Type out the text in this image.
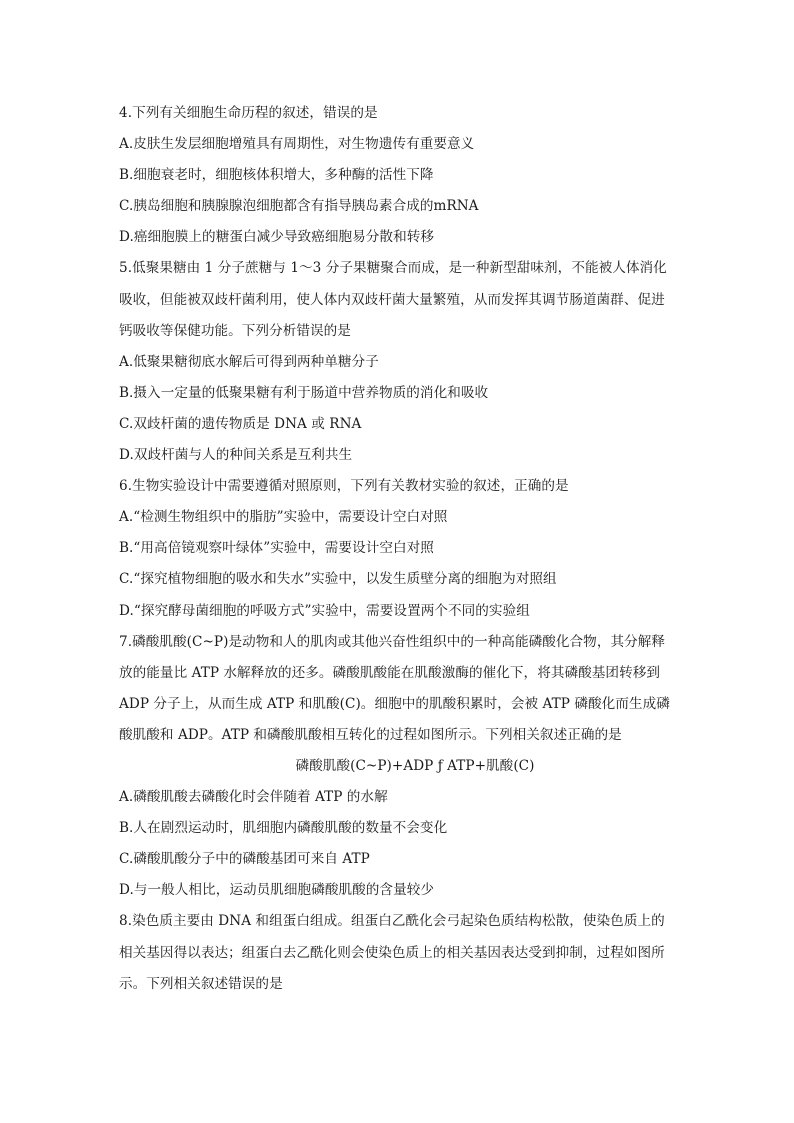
4.下列有关细胞生命历程的叙述，错误的是

A.皮肤生发层细胞增殖具有周期性，对生物遗传有重要意义

B.细胞衰老时，细胞核体积增大，多种酶的活性下降

C.胰岛细胞和胰腺腺泡细胞都含有指导胰岛素合成的mRNA

D.癌细胞膜上的糖蛋白减少导致癌细胞易分散和转移

5.低聚果糖由 1 分子蔗糖与 1～3 分子果糖聚合而成，是一种新型甜味剂，不能被人体消化

吸收，但能被双歧杆菌利用，使人体内双歧杆菌大量繁殖，从而发挥其调节肠道菌群、促进

钙吸收等保健功能。下列分析错误的是

A.低聚果糖彻底水解后可得到两种单糖分子

B.摄入一定量的低聚果糖有利于肠道中营养物质的消化和吸收

C.双歧杆菌的遗传物质是 DNA 或 RNA

D.双歧杆菌与人的种间关系是互利共生

6.生物实验设计中需要遵循对照原则，下列有关教材实验的叙述，正确的是

A.“检测生物组织中的脂肪”实验中，需要设计空白对照

B.“用高倍镜观察叶绿体”实验中，需要设计空白对照

C.“探究植物细胞的吸水和失水”实验中，以发生质壁分离的细胞为对照组

D.“探究酵母菌细胞的呼吸方式”实验中，需要设置两个不同的实验组

7.磷酸肌酸(C~P)是动物和人的肌肉或其他兴奋性组织中的一种高能磷酸化合物，其分解释

放的能量比 ATP 水解释放的还多。磷酸肌酸能在肌酸激酶的催化下，将其磷酸基团转移到

ADP 分子上，从而生成 ATP 和肌酸(C)。细胞中的肌酸积累时，会被 ATP 磷酸化而生成磷

酸肌酸和 ADP。ATP 和磷酸肌酸相互转化的过程如图所示。下列相关叙述正确的是

磷酸肌酸(C~P)+ADP ƒ ATP+肌酸(C)

A.磷酸肌酸去磷酸化时会伴随着 ATP 的水解

B.人在剧烈运动时，肌细胞内磷酸肌酸的数量不会变化

C.磷酸肌酸分子中的磷酸基团可来自 ATP

D.与一般人相比，运动员肌细胞磷酸肌酸的含量较少

8.染色质主要由 DNA 和组蛋白组成。组蛋白乙酰化会弓起染色质结构松散，使染色质上的

相关基因得以表达；组蛋白去乙酰化则会使染色质上的相关基因表达受到抑制，过程如图所

示。下列相关叙述错误的是
